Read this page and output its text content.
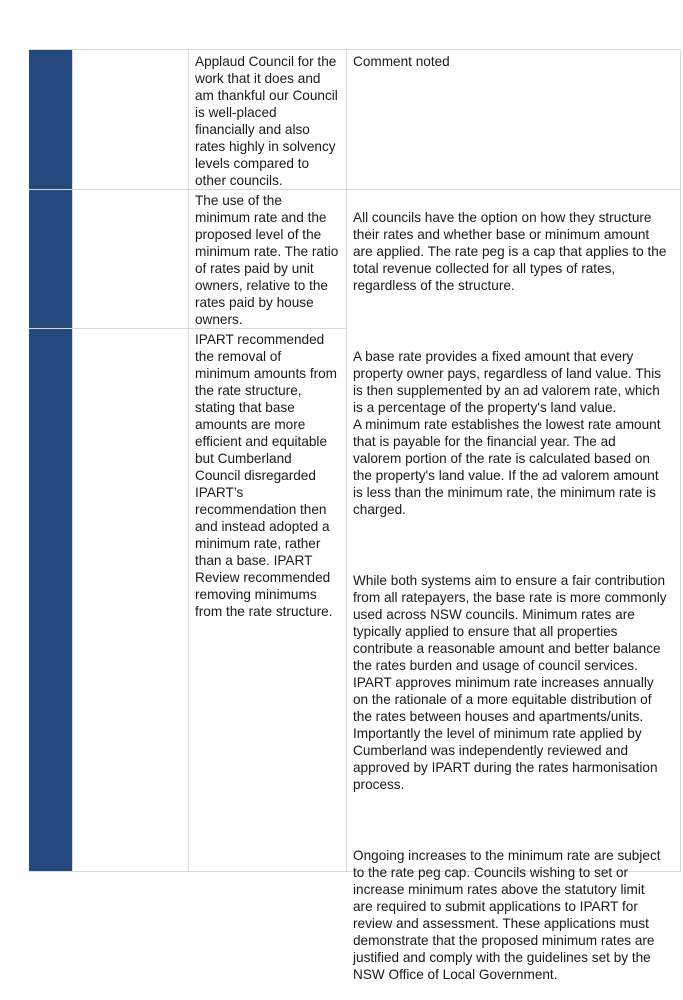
Applaud Council for the
work that it does and
am thankful our Council
is well-placed
financially and also
rates highly in solvency
levels compared to
other councils.
Comment noted
The use of the
minimum rate and the
proposed level of the
minimum rate. The ratio
of rates paid by unit
owners, relative to the
rates paid by house
owners.
IPART recommended
the removal of
minimum amounts from
the rate structure,
stating that base
amounts are more
efficient and equitable
but Cumberland
Council disregarded
IPART’s
recommendation then
and instead adopted a
minimum rate, rather
than a base. IPART
Review recommended
removing minimums
from the rate structure.

All councils have the option on how they structure
their rates and whether base or minimum amount
are applied. The rate peg is a cap that applies to the
total revenue collected for all types of rates,
regardless of the structure.

A base rate provides a fixed amount that every
property owner pays, regardless of land value. This
is then supplemented by an ad valorem rate, which
is a percentage of the property's land value.
A minimum rate establishes the lowest rate amount
that is payable for the financial year. The ad
valorem portion of the rate is calculated based on
the property's land value. If the ad valorem amount
is less than the minimum rate, the minimum rate is
charged.

While both systems aim to ensure a fair contribution
from all ratepayers, the base rate is more commonly
used across NSW councils. Minimum rates are
typically applied to ensure that all properties
contribute a reasonable amount and better balance
the rates burden and usage of council services.
IPART approves minimum rate increases annually
on the rationale of a more equitable distribution of
the rates between houses and apartments/units.
Importantly the level of minimum rate applied by
Cumberland was independently reviewed and
approved by IPART during the rates harmonisation
process.

Ongoing increases to the minimum rate are subject
to the rate peg cap. Councils wishing to set or
increase minimum rates above the statutory limit
are required to submit applications to IPART for
review and assessment. These applications must
demonstrate that the proposed minimum rates are
justified and comply with the guidelines set by the
NSW Office of Local Government.
